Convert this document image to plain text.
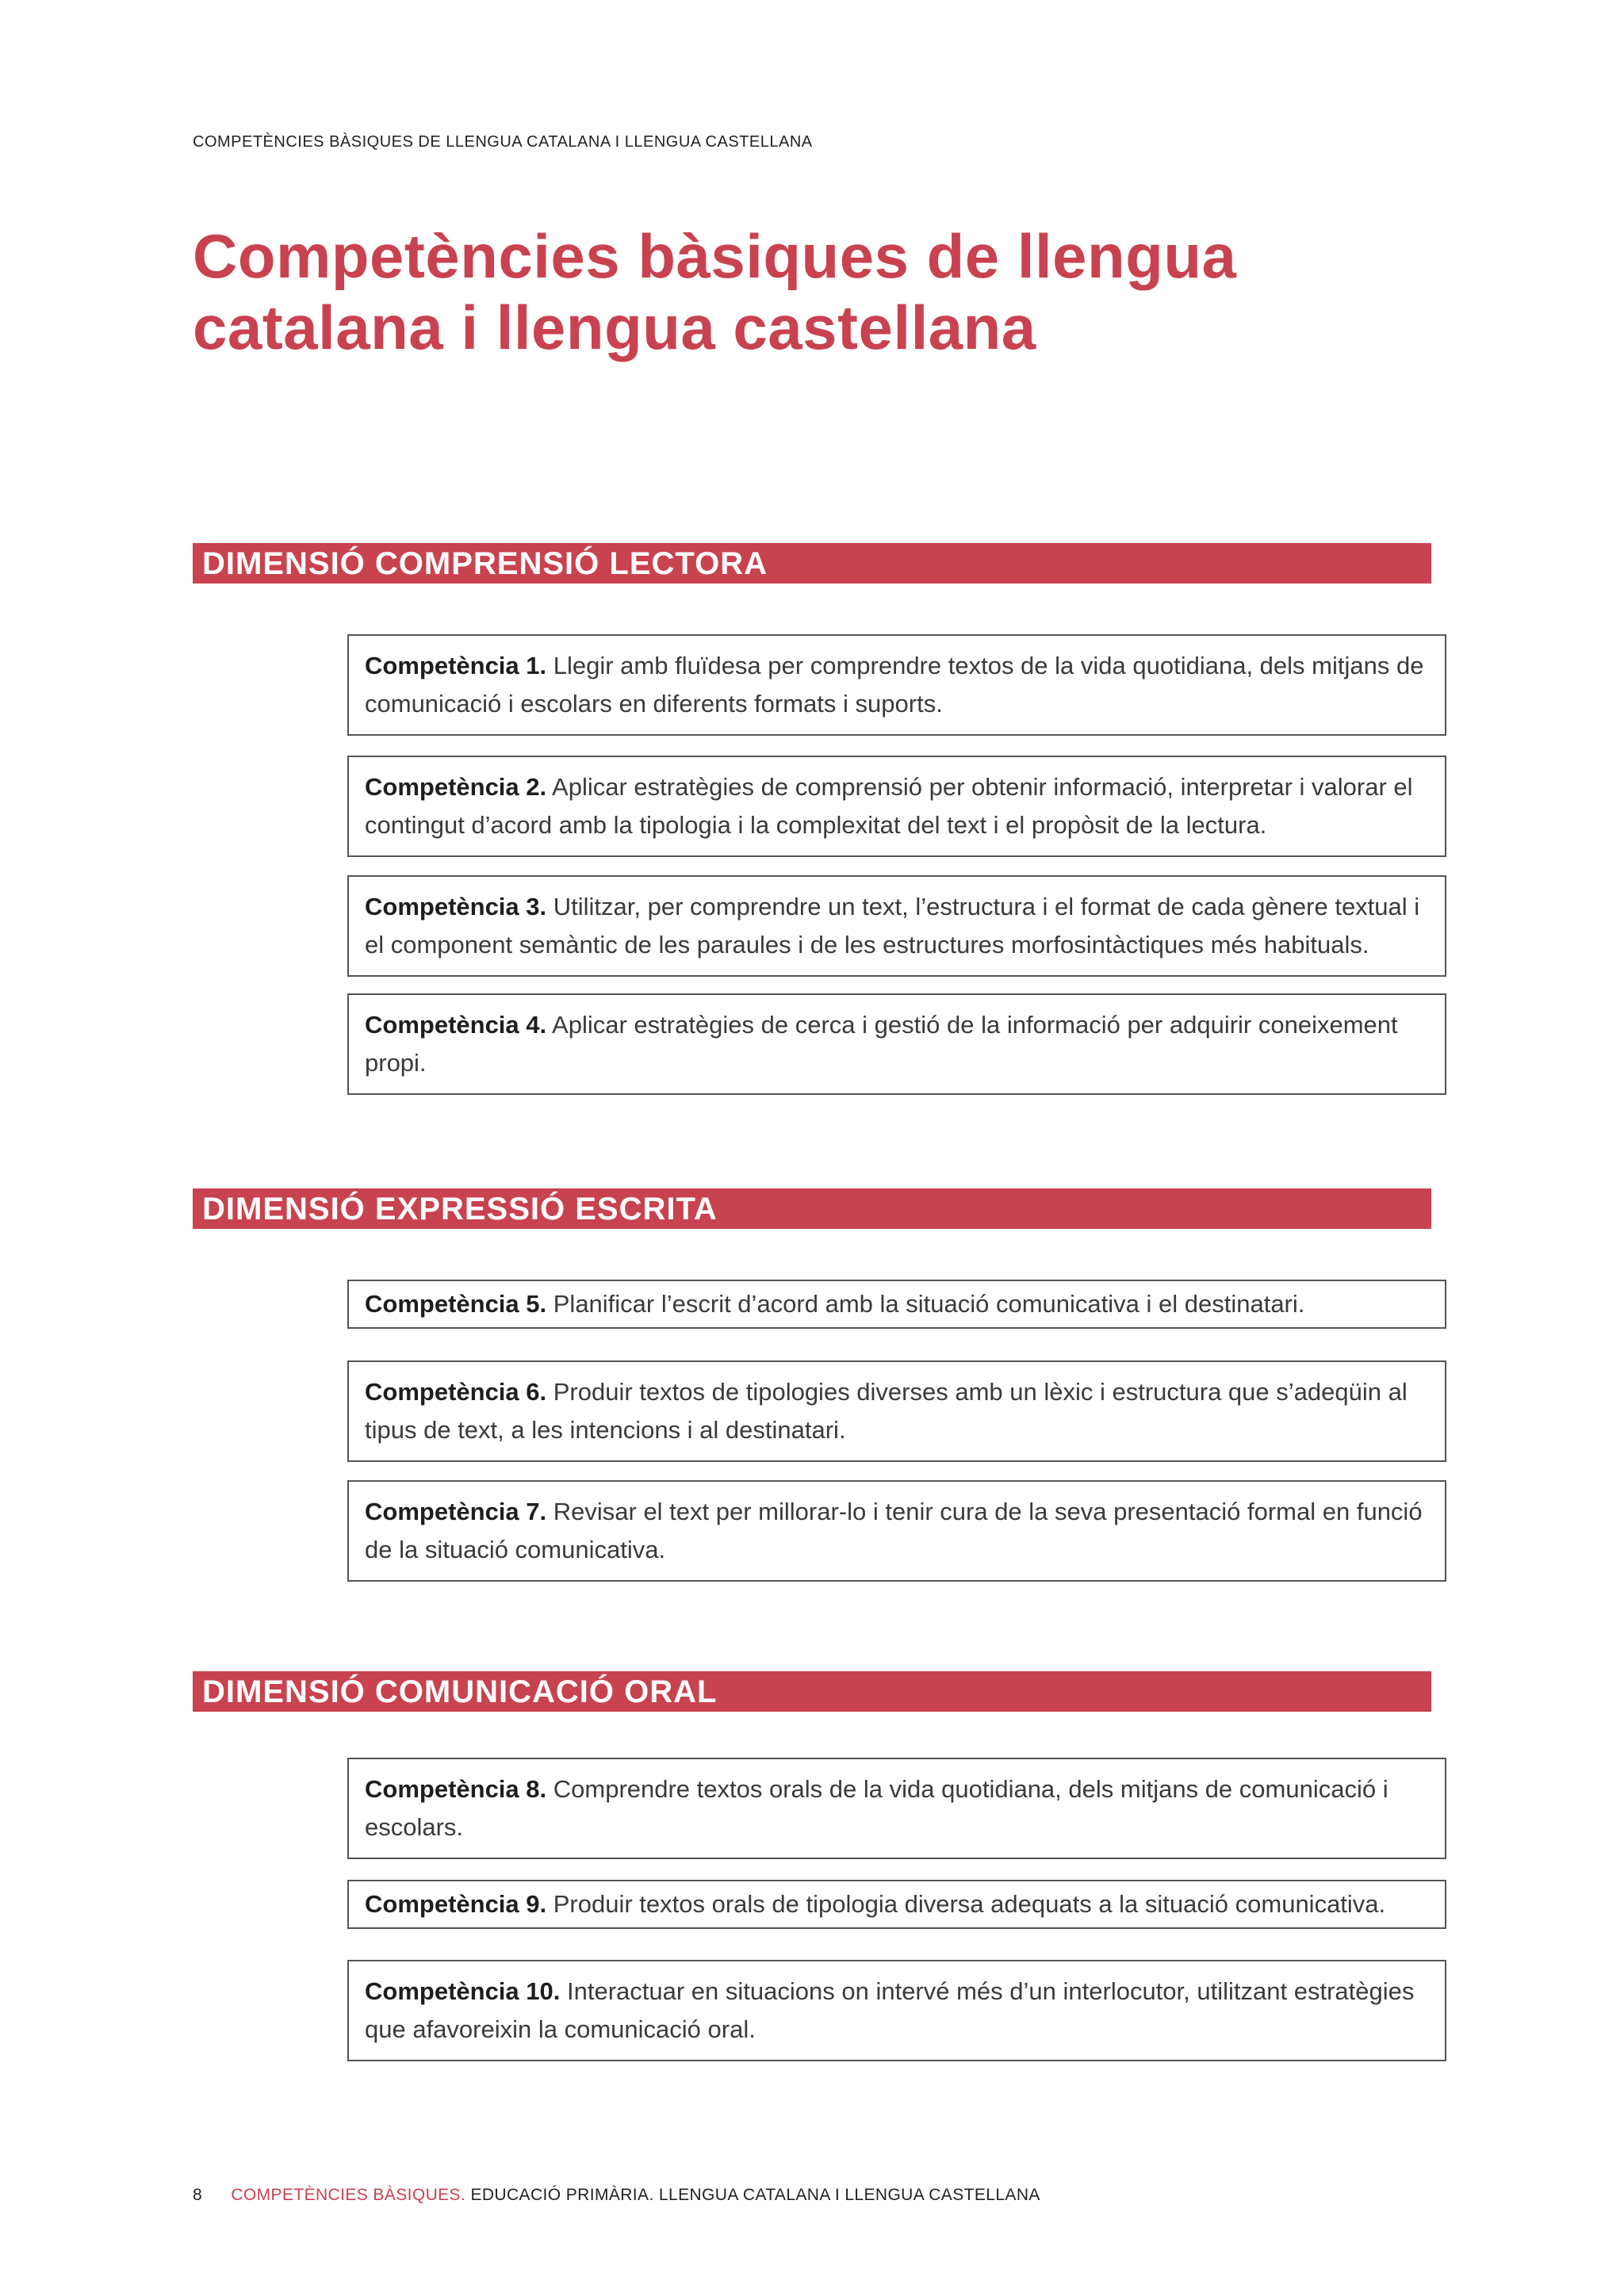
COMPETÈNCIES BÀSIQUES DE LLENGUA CATALANA I LLENGUA CASTELLANA
Competències bàsiques de llengua
catalana i llengua castellana
DIMENSIÓ COMPRENSIÓ LECTORA
Competència 1. Llegir amb fluïdesa per comprendre textos de la vida quotidiana, dels mitjans de comunicació i escolars en diferents formats i suports.
Competència 2. Aplicar estratègies de comprensió per obtenir informació, interpretar i valorar el contingut d’acord amb la tipologia i la complexitat del text i el propòsit de la lectura.
Competència 3. Utilitzar, per comprendre un text, l’estructura i el format de cada gènere textual i el component semàntic de les paraules i de les estructures morfosintàctiques més habituals.
Competència 4. Aplicar estratègies de cerca i gestió de la informació per adquirir coneixement propi.
DIMENSIÓ EXPRESSIÓ ESCRITA
Competència 5. Planificar l’escrit d’acord amb la situació comunicativa i el destinatari.
Competència 6. Produir textos de tipologies diverses amb un lèxic i estructura que s’adeqüin al tipus de text, a les intencions i al destinatari.
Competència 7. Revisar el text per millorar-lo i tenir cura de la seva presentació formal en funció de la situació comunicativa.
DIMENSIÓ COMUNICACIÓ ORAL
Competència 8. Comprendre textos orals de la vida quotidiana, dels mitjans de comunicació i escolars.
Competència 9. Produir textos orals de tipologia diversa adequats a la situació comunicativa.
Competència 10. Interactuar en situacions on intervé més d’un interlocutor, utilitzant estratègies que afavoreixin la comunicació oral.
8 COMPETÈNCIES BÀSIQUES. EDUCACIÓ PRIMÀRIA. LLENGUA CATALANA I LLENGUA CASTELLANA
